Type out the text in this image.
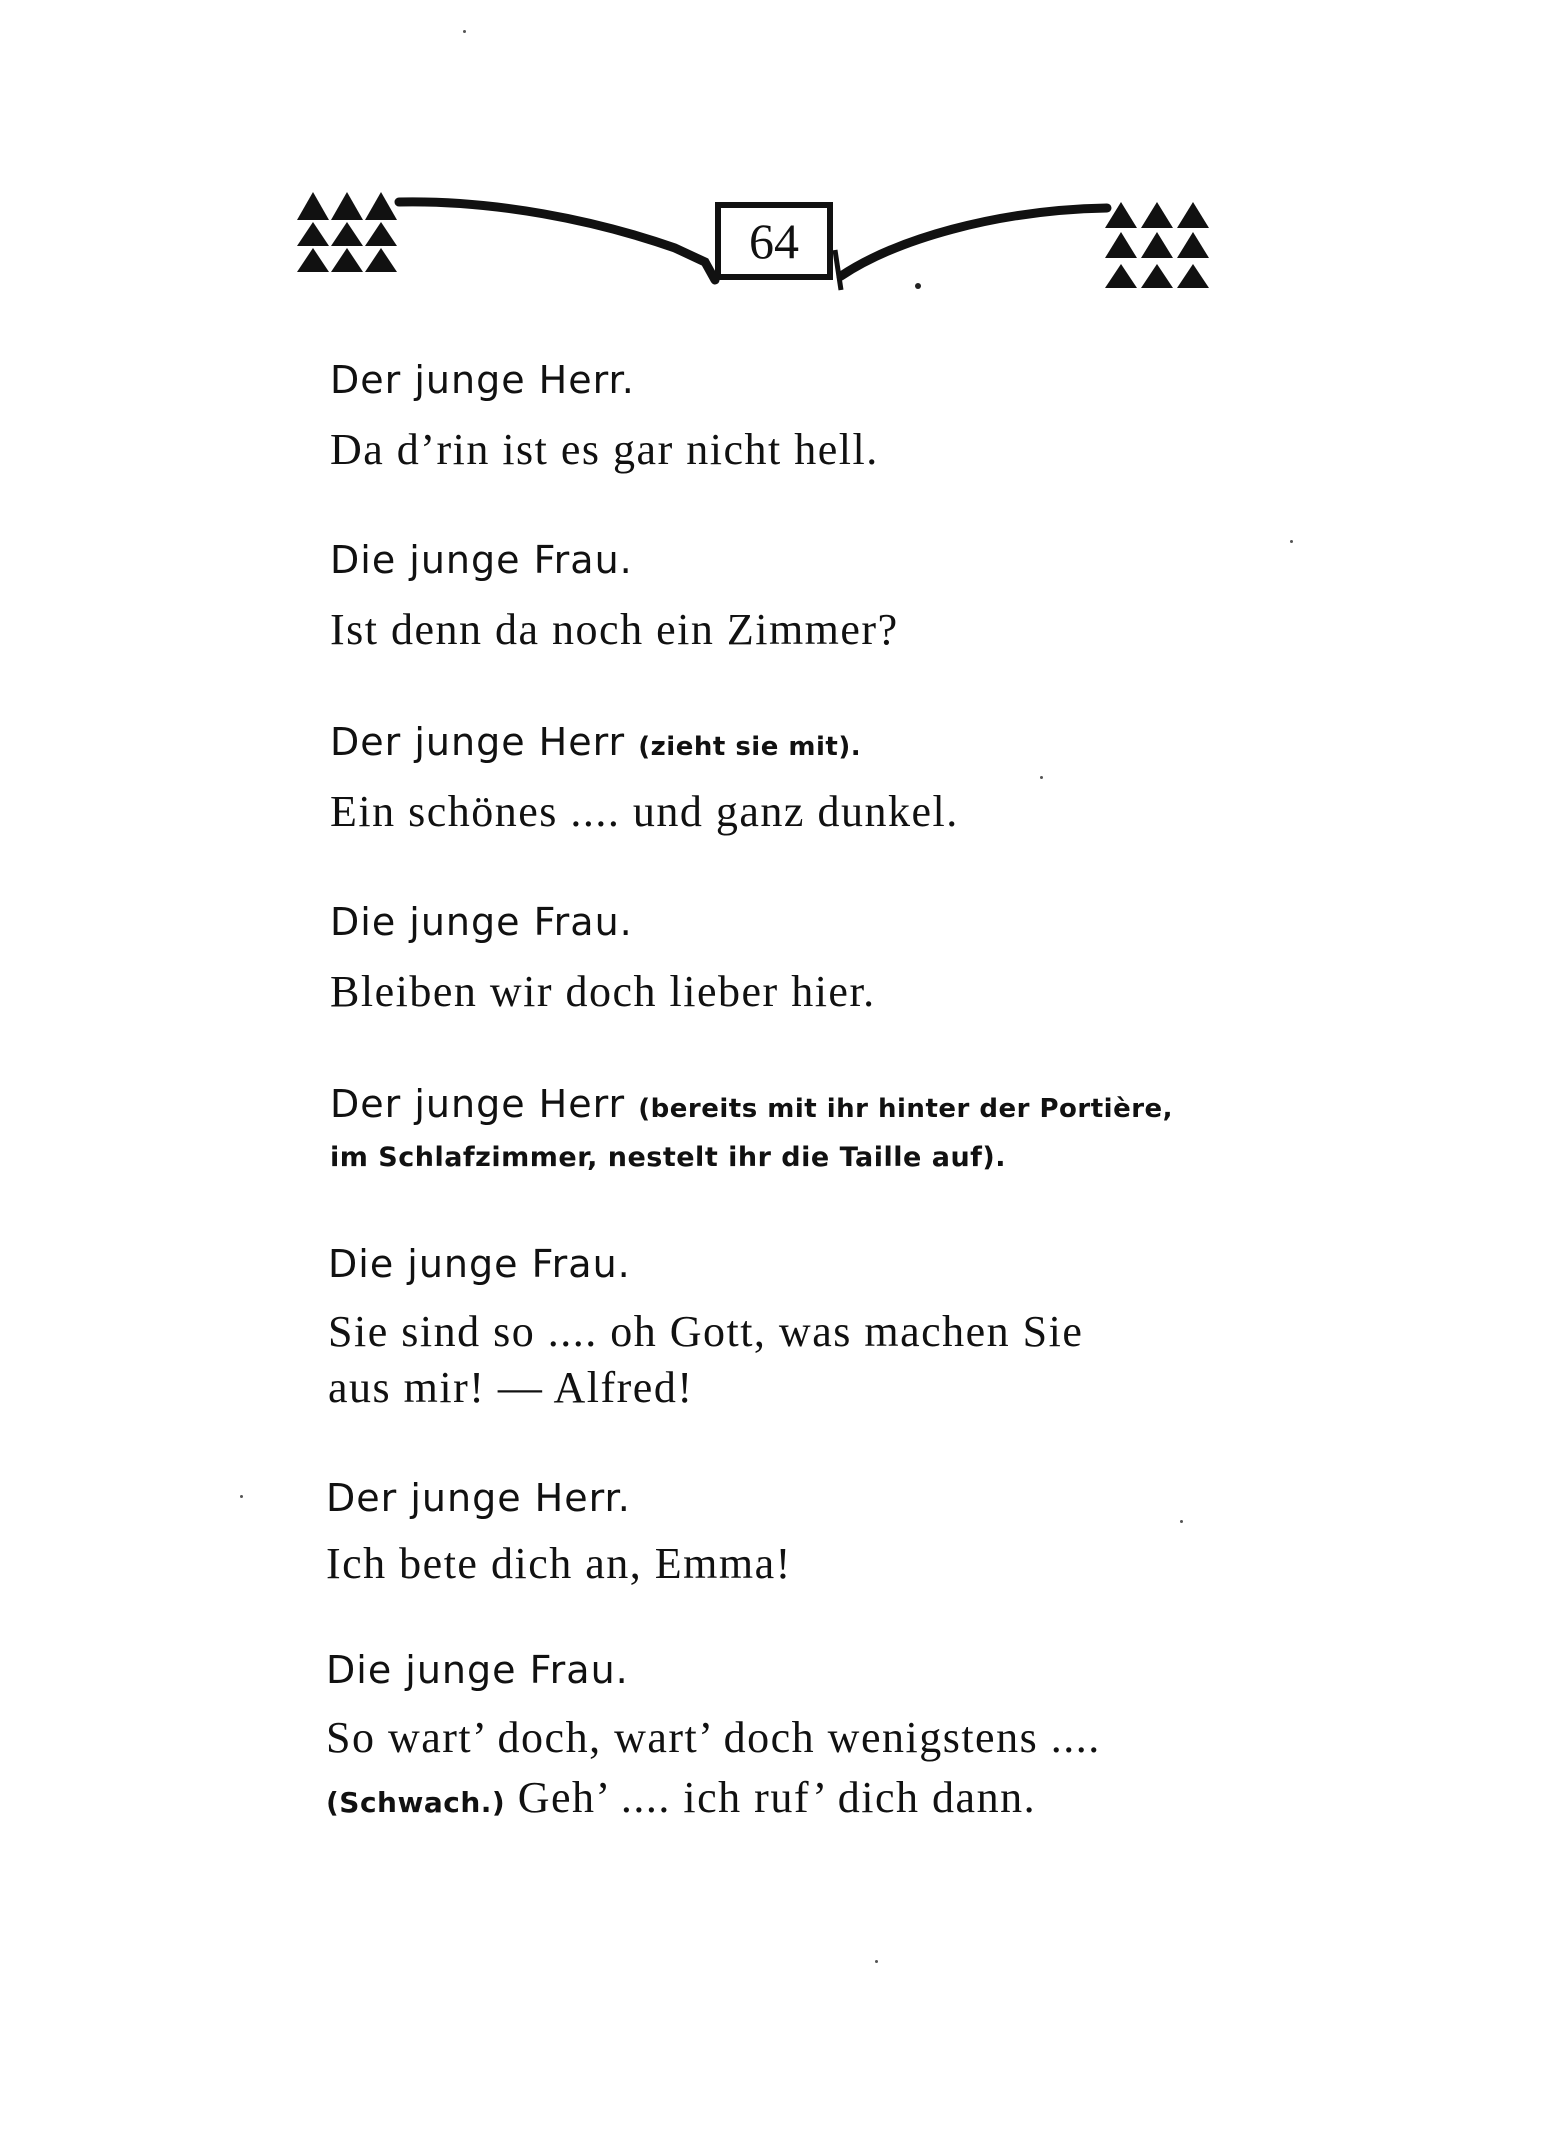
64
Der junge Herr.
Da d’rin ist es gar nicht hell.
Die junge Frau.
Ist denn da noch ein Zimmer?
Der junge Herr (zieht sie mit).
Ein schönes .... und ganz dunkel.
Die junge Frau.
Bleiben wir doch lieber hier.
Der junge Herr (bereits mit ihr hinter der Portière,
im Schlafzimmer, nestelt ihr die Taille auf).
Die junge Frau.
Sie sind so .... oh Gott, was machen Sie
aus mir! — Alfred!
Der junge Herr.
Ich bete dich an, Emma!
Die junge Frau.
So wart’ doch, wart’ doch wenigstens ....
(Schwach.) Geh’ .... ich ruf’ dich dann.
